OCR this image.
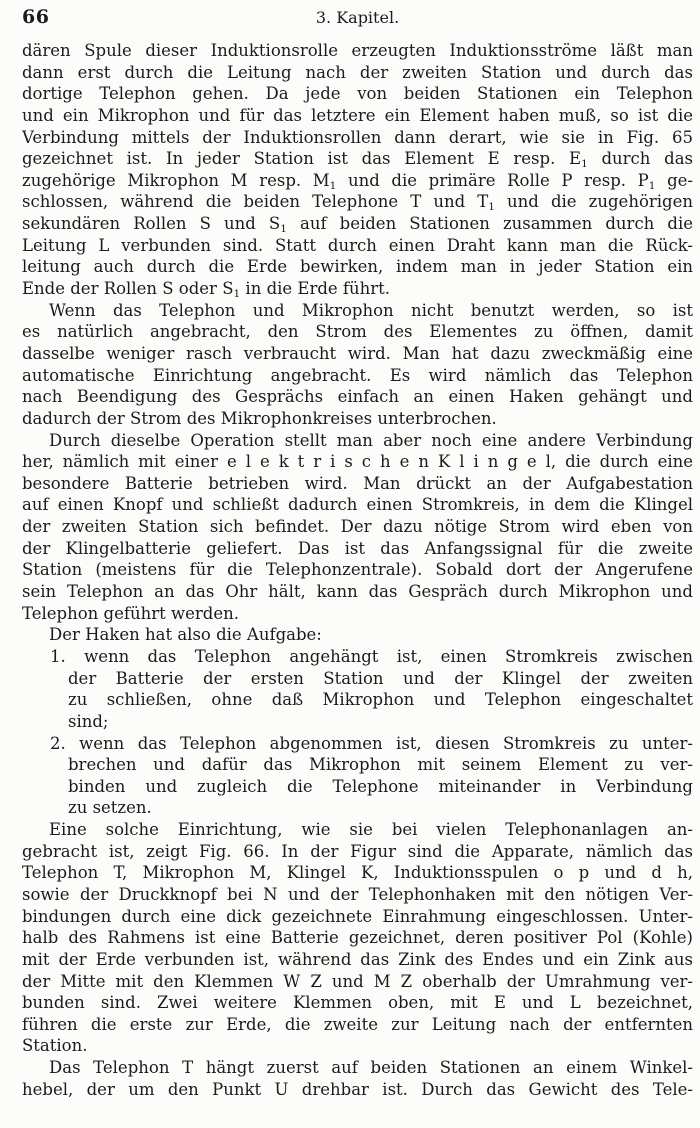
66	3. Kapitel.
dären Spule dieser Induktionsrolle erzeugten Induktionsströme läßt man
dann erst durch die Leitung nach der zweiten Station und durch das
dortige Telephon gehen. Da jede von beiden Stationen ein Telephon
und ein Mikrophon und für das letztere ein Element haben muß, so ist die
Verbindung mittels der Induktionsrollen dann derart, wie sie in Fig. 65
gezeichnet ist. In jeder Station ist das Element E resp. $E_1$ durch das
zugehörige Mikrophon M resp. $M_1$ und die primäre Rolle P resp. $P_1$ ge-
schlossen, während die beiden Telephone T und $T_1$ und die zugehörigen
sekundären Rollen S und $S_1$ auf beiden Stationen zusammen durch die
Leitung L verbunden sind. Statt durch einen Draht kann man die Rück-
leitung auch durch die Erde bewirken, indem man in jeder Station ein
Ende der Rollen S oder $S_1$ in die Erde führt.
Wenn das Telephon und Mikrophon nicht benutzt werden, so ist
es natürlich angebracht, den Strom des Elementes zu öffnen, damit
dasselbe weniger rasch verbraucht wird. Man hat dazu zweckmäßig eine
automatische Einrichtung angebracht. Es wird nämlich das Telephon
nach Beendigung des Gesprächs einfach an einen Haken gehängt und
dadurch der Strom des Mikrophonkreises unterbrochen.
Durch dieselbe Operation stellt man aber noch eine andere Verbindung
her, nämlich mit einer e l e k t r i s c h e n K l i n g e l, die durch eine
besondere Batterie betrieben wird. Man drückt an der Aufgabestation
auf einen Knopf und schließt dadurch einen Stromkreis, in dem die Klingel
der zweiten Station sich befindet. Der dazu nötige Strom wird eben von
der Klingelbatterie geliefert. Das ist das Anfangssignal für die zweite
Station (meistens für die Telephonzentrale). Sobald dort der Angerufene
sein Telephon an das Ohr hält, kann das Gespräch durch Mikrophon und
Telephon geführt werden.
Der Haken hat also die Aufgabe:
1. wenn das Telephon angehängt ist, einen Stromkreis zwischen
der Batterie der ersten Station und der Klingel der zweiten
zu schließen, ohne daß Mikrophon und Telephon eingeschaltet
sind;
2. wenn das Telephon abgenommen ist, diesen Stromkreis zu unter-
brechen und dafür das Mikrophon mit seinem Element zu ver-
binden und zugleich die Telephone miteinander in Verbindung
zu setzen.
Eine solche Einrichtung, wie sie bei vielen Telephonanlagen an-
gebracht ist, zeigt Fig. 66. In der Figur sind die Apparate, nämlich das
Telephon T, Mikrophon M, Klingel K, Induktionsspulen o p und d h,
sowie der Druckknopf bei N und der Telephonhaken mit den nötigen Ver-
bindungen durch eine dick gezeichnete Einrahmung eingeschlossen. Unter-
halb des Rahmens ist eine Batterie gezeichnet, deren positiver Pol (Kohle)
mit der Erde verbunden ist, während das Zink des Endes und ein Zink aus
der Mitte mit den Klemmen W Z und M Z oberhalb der Umrahmung ver-
bunden sind. Zwei weitere Klemmen oben, mit E und L bezeichnet,
führen die erste zur Erde, die zweite zur Leitung nach der entfernten
Station.
Das Telephon T hängt zuerst auf beiden Stationen an einem Winkel-
hebel, der um den Punkt U drehbar ist. Durch das Gewicht des Tele-
